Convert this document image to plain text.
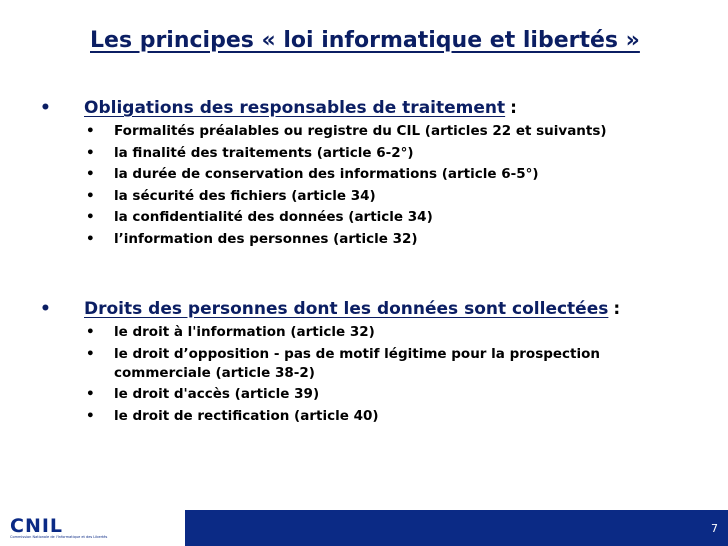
Les principes « loi informatique et libertés »
•	Obligations des responsables de traitement :
•	Formalités préalables ou registre du CIL (articles 22 et suivants)
•	la finalité des traitements (article 6-2°)
•	la durée de conservation des informations (article 6-5°)
•	la sécurité des fichiers (article 34)
•	la confidentialité des données (article 34)
•	l’information des personnes (article 32)
•	Droits des personnes dont les données sont collectées :
•	le droit à l'information (article 32)
•	le droit d’opposition - pas de motif légitime pour la prospection commerciale (article 38-2)
•	le droit d'accès (article 39)
•	le droit de rectification (article 40)
CNIL
Commission Nationale de l'Informatique et des Libertés
7
